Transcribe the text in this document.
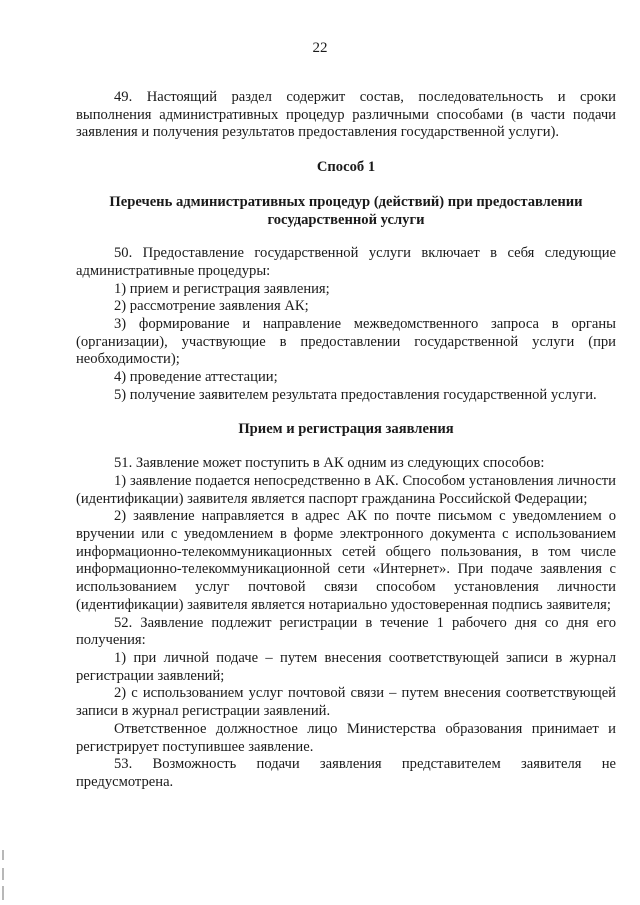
22

49. Настоящий раздел содержит состав, последовательность и сроки выполнения административных процедур различными способами (в части подачи заявления и получения результатов предоставления государственной услуги).

Способ 1

Перечень административных процедур (действий) при предоставлении государственной услуги

50. Предоставление государственной услуги включает в себя следующие административные процедуры:

1) прием и регистрация заявления;

2) рассмотрение заявления АК;

3) формирование и направление межведомственного запроса в органы (организации), участвующие в предоставлении государственной услуги (при необходимости);

4) проведение аттестации;

5) получение заявителем результата предоставления государственной услуги.

Прием и регистрация заявления

51. Заявление может поступить в АК одним из следующих способов:

1) заявление подается непосредственно в АК. Способом установления личности (идентификации) заявителя является паспорт гражданина Российской Федерации;

2) заявление направляется в адрес АК по почте письмом с уведомлением о вручении или с уведомлением в форме электронного документа с использованием информационно-телекоммуникационных сетей общего пользования, в том числе информационно-телекоммуникационной сети «Интернет». При подаче заявления с использованием услуг почтовой связи способом установления личности (идентификации) заявителя является нотариально удостоверенная подпись заявителя;

52. Заявление подлежит регистрации в течение 1 рабочего дня со дня его получения:

1) при личной подаче – путем внесения соответствующей записи в журнал регистрации заявлений;

2) с использованием услуг почтовой связи – путем внесения соответствующей записи в журнал регистрации заявлений.

Ответственное должностное лицо Министерства образования принимает и регистрирует поступившее заявление.

53. Возможность подачи заявления представителем заявителя не предусмотрена.
